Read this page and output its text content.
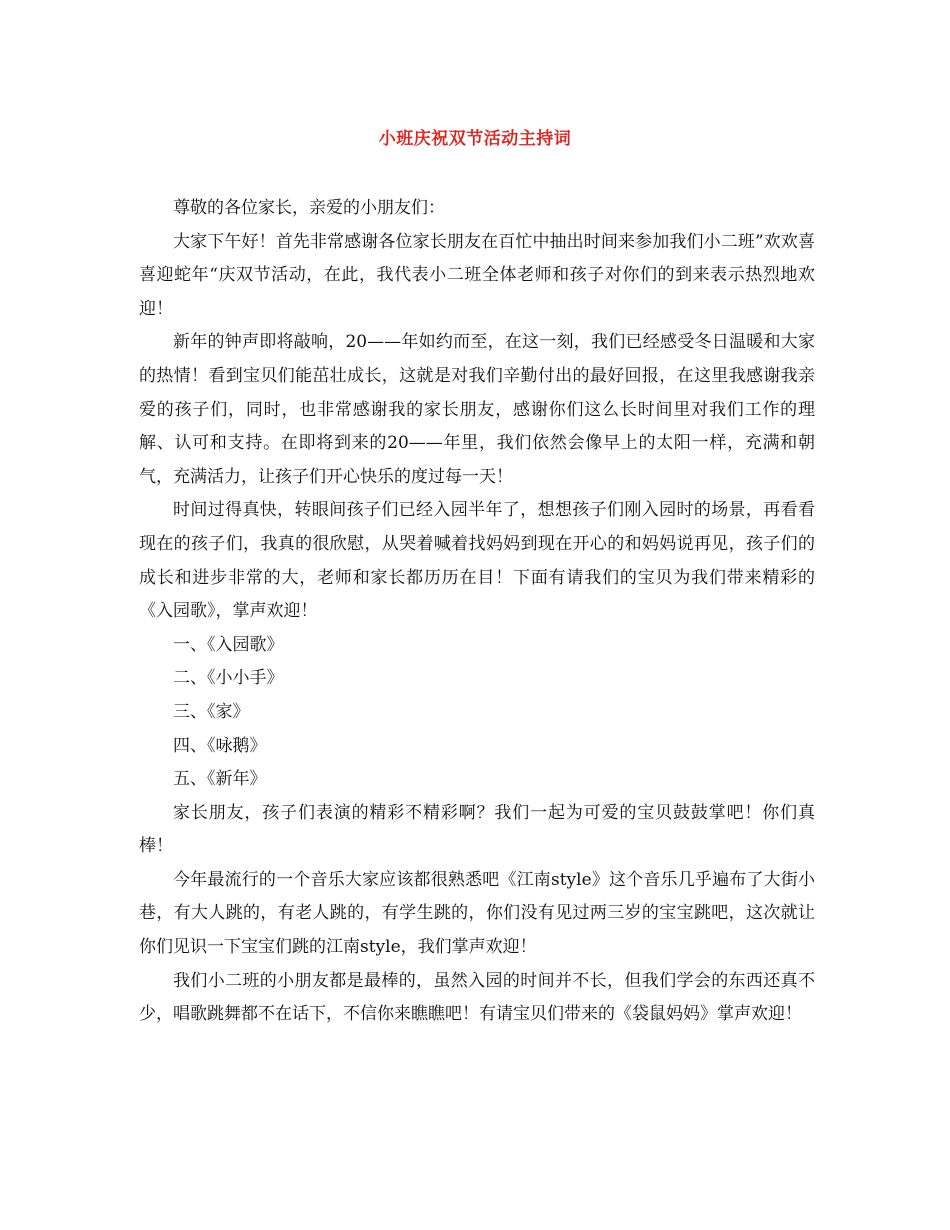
小班庆祝双节活动主持词

尊敬的各位家长，亲爱的小朋友们：

大家下午好！首先非常感谢各位家长朋友在百忙中抽出时间来参加我们小二班”欢欢喜喜迎蛇年“庆双节活动，在此，我代表小二班全体老师和孩子对你们的到来表示热烈地欢迎！

新年的钟声即将敲响，20——年如约而至，在这一刻，我们已经感受冬日温暖和大家的热情！看到宝贝们能茁壮成长，这就是对我们辛勤付出的最好回报，在这里我感谢我亲爱的孩子们，同时，也非常感谢我的家长朋友，感谢你们这么长时间里对我们工作的理解、认可和支持。在即将到来的20——年里，我们依然会像早上的太阳一样，充满和朝气，充满活力，让孩子们开心快乐的度过每一天！

时间过得真快，转眼间孩子们已经入园半年了，想想孩子们刚入园时的场景，再看看现在的孩子们，我真的很欣慰，从哭着喊着找妈妈到现在开心的和妈妈说再见，孩子们的成长和进步非常的大，老师和家长都历历在目！下面有请我们的宝贝为我们带来精彩的《入园歌》，掌声欢迎！

一、《入园歌》

二、《小小手》

三、《家》

四、《咏鹅》

五、《新年》

家长朋友，孩子们表演的精彩不精彩啊？我们一起为可爱的宝贝鼓鼓掌吧！你们真棒！

今年最流行的一个音乐大家应该都很熟悉吧《江南style》这个音乐几乎遍布了大街小巷，有大人跳的，有老人跳的，有学生跳的，你们没有见过两三岁的宝宝跳吧，这次就让你们见识一下宝宝们跳的江南style，我们掌声欢迎！

我们小二班的小朋友都是最棒的，虽然入园的时间并不长，但我们学会的东西还真不少，唱歌跳舞都不在话下，不信你来瞧瞧吧！有请宝贝们带来的《袋鼠妈妈》掌声欢迎！
